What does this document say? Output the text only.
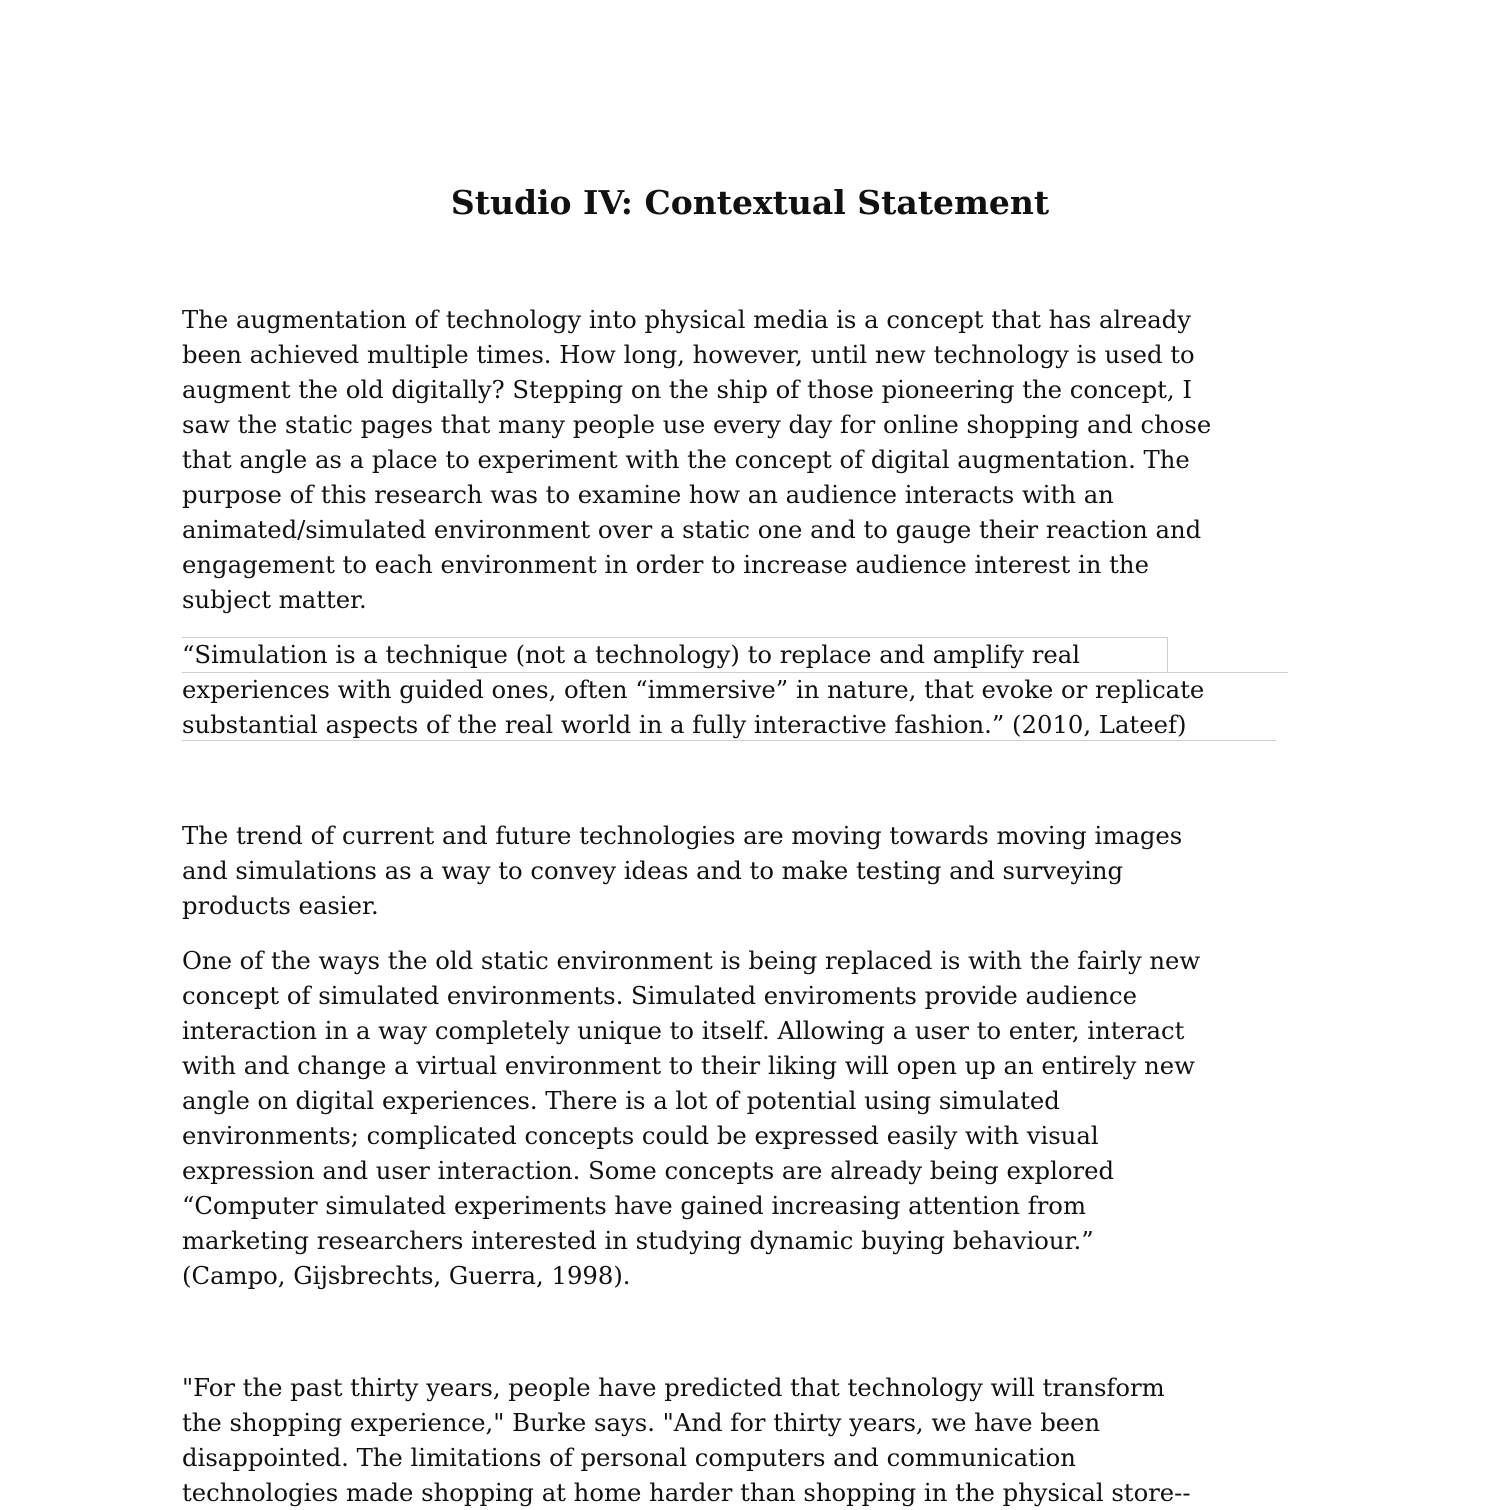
Studio IV: Contextual Statement
The augmentation of technology into physical media is a concept that has already
been achieved multiple times. How long, however, until new technology is used to
augment the old digitally? Stepping on the ship of those pioneering the concept, I
saw the static pages that many people use every day for online shopping and chose
that angle as a place to experiment with the concept of digital augmentation. The
purpose of this research was to examine how an audience interacts with an
animated/simulated environment over a static one and to gauge their reaction and
engagement to each environment in order to increase audience interest in the
subject matter.
“Simulation is a technique (not a technology) to replace and amplify real
experiences with guided ones, often “immersive” in nature, that evoke or replicate
substantial aspects of the real world in a fully interactive fashion.” (2010, Lateef)
The trend of current and future technologies are moving towards moving images
and simulations as a way to convey ideas and to make testing and surveying
products easier.
One of the ways the old static environment is being replaced is with the fairly new
concept of simulated environments. Simulated enviroments provide audience
interaction in a way completely unique to itself. Allowing a user to enter, interact
with and change a virtual environment to their liking will open up an entirely new
angle on digital experiences. There is a lot of potential using simulated
environments; complicated concepts could be expressed easily with visual
expression and user interaction. Some concepts are already being explored
“Computer simulated experiments have gained increasing attention from
marketing researchers interested in studying dynamic buying behaviour.”
(Campo, Gijsbrechts, Guerra, 1998).
"For the past thirty years, people have predicted that technology will transform
the shopping experience," Burke says. "And for thirty years, we have been
disappointed. The limitations of personal computers and communication
technologies made shopping at home harder than shopping in the physical store--
